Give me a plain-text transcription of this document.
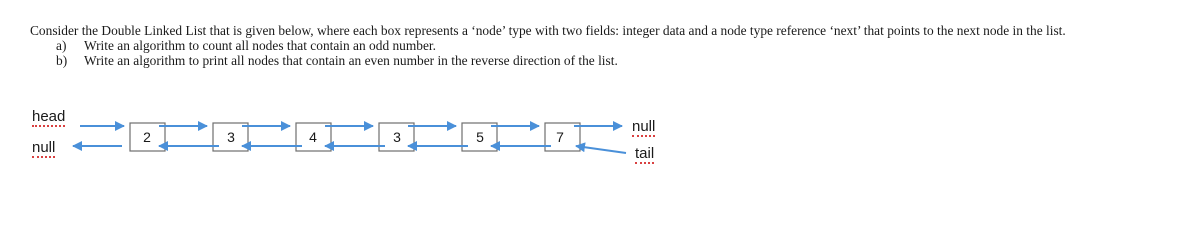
Consider the Double Linked List that is given below, where each box represents a ‘node’ type with two fields: integer data and a node type reference ‘next’ that points to the next node in the list.
a)	Write an algorithm to count all nodes that contain an odd number.
b)	Write an algorithm to print all nodes that contain an even number in the reverse direction of the list.
head
null
null
tail
2	3	4	3	5	7
